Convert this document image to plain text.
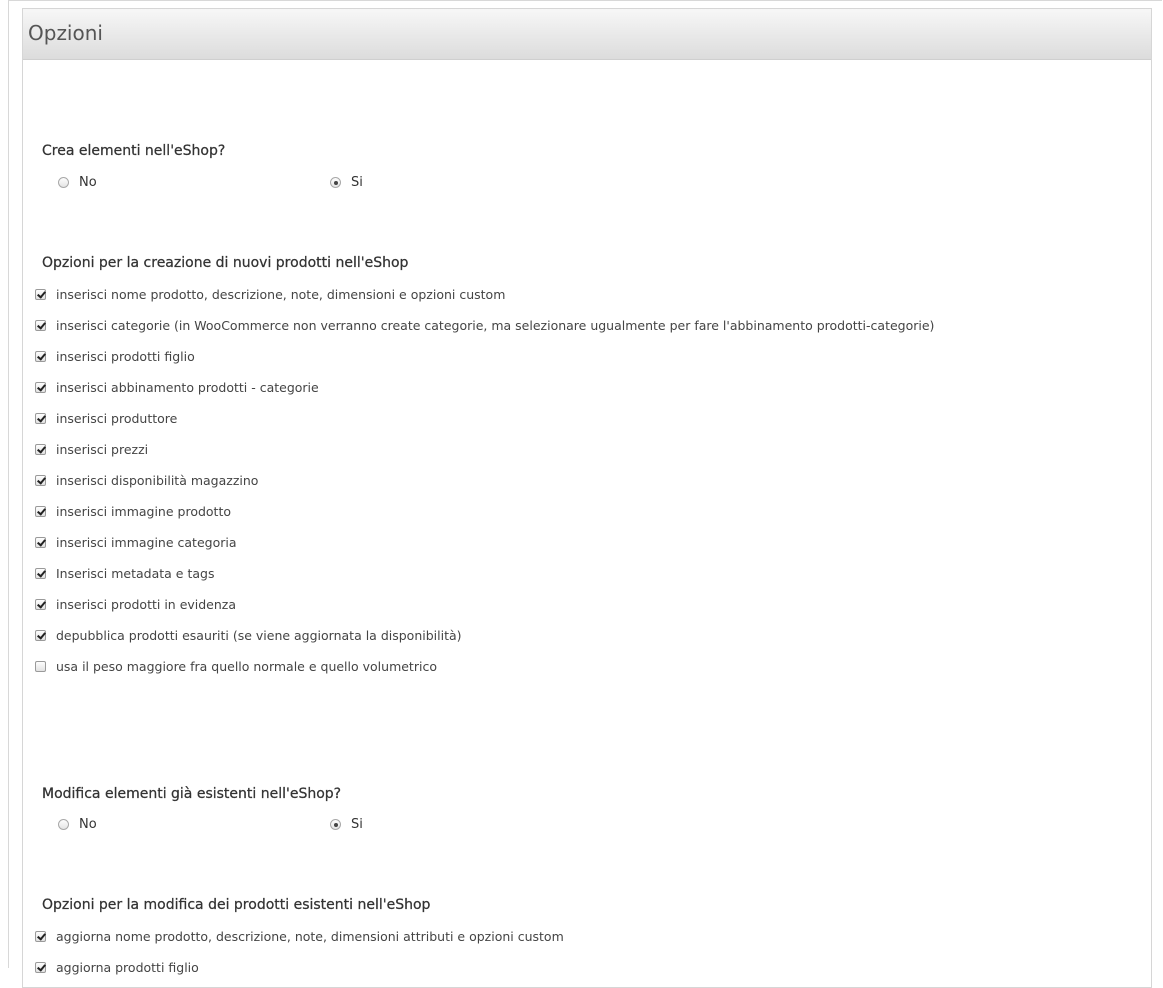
Opzioni
Crea elementi nell'eShop?
No	Si
Opzioni per la creazione di nuovi prodotti nell'eShop
inserisci nome prodotto, descrizione, note, dimensioni e opzioni custom
inserisci categorie (in WooCommerce non verranno create categorie, ma selezionare ugualmente per fare l'abbinamento prodotti-categorie)
inserisci prodotti figlio
inserisci abbinamento prodotti - categorie
inserisci produttore
inserisci prezzi
inserisci disponibilità magazzino
inserisci immagine prodotto
inserisci immagine categoria
Inserisci metadata e tags
inserisci prodotti in evidenza
depubblica prodotti esauriti (se viene aggiornata la disponibilità)
usa il peso maggiore fra quello normale e quello volumetrico
Modifica elementi già esistenti nell'eShop?
No	Si
Opzioni per la modifica dei prodotti esistenti nell'eShop
aggiorna nome prodotto, descrizione, note, dimensioni attributi e opzioni custom
aggiorna prodotti figlio
